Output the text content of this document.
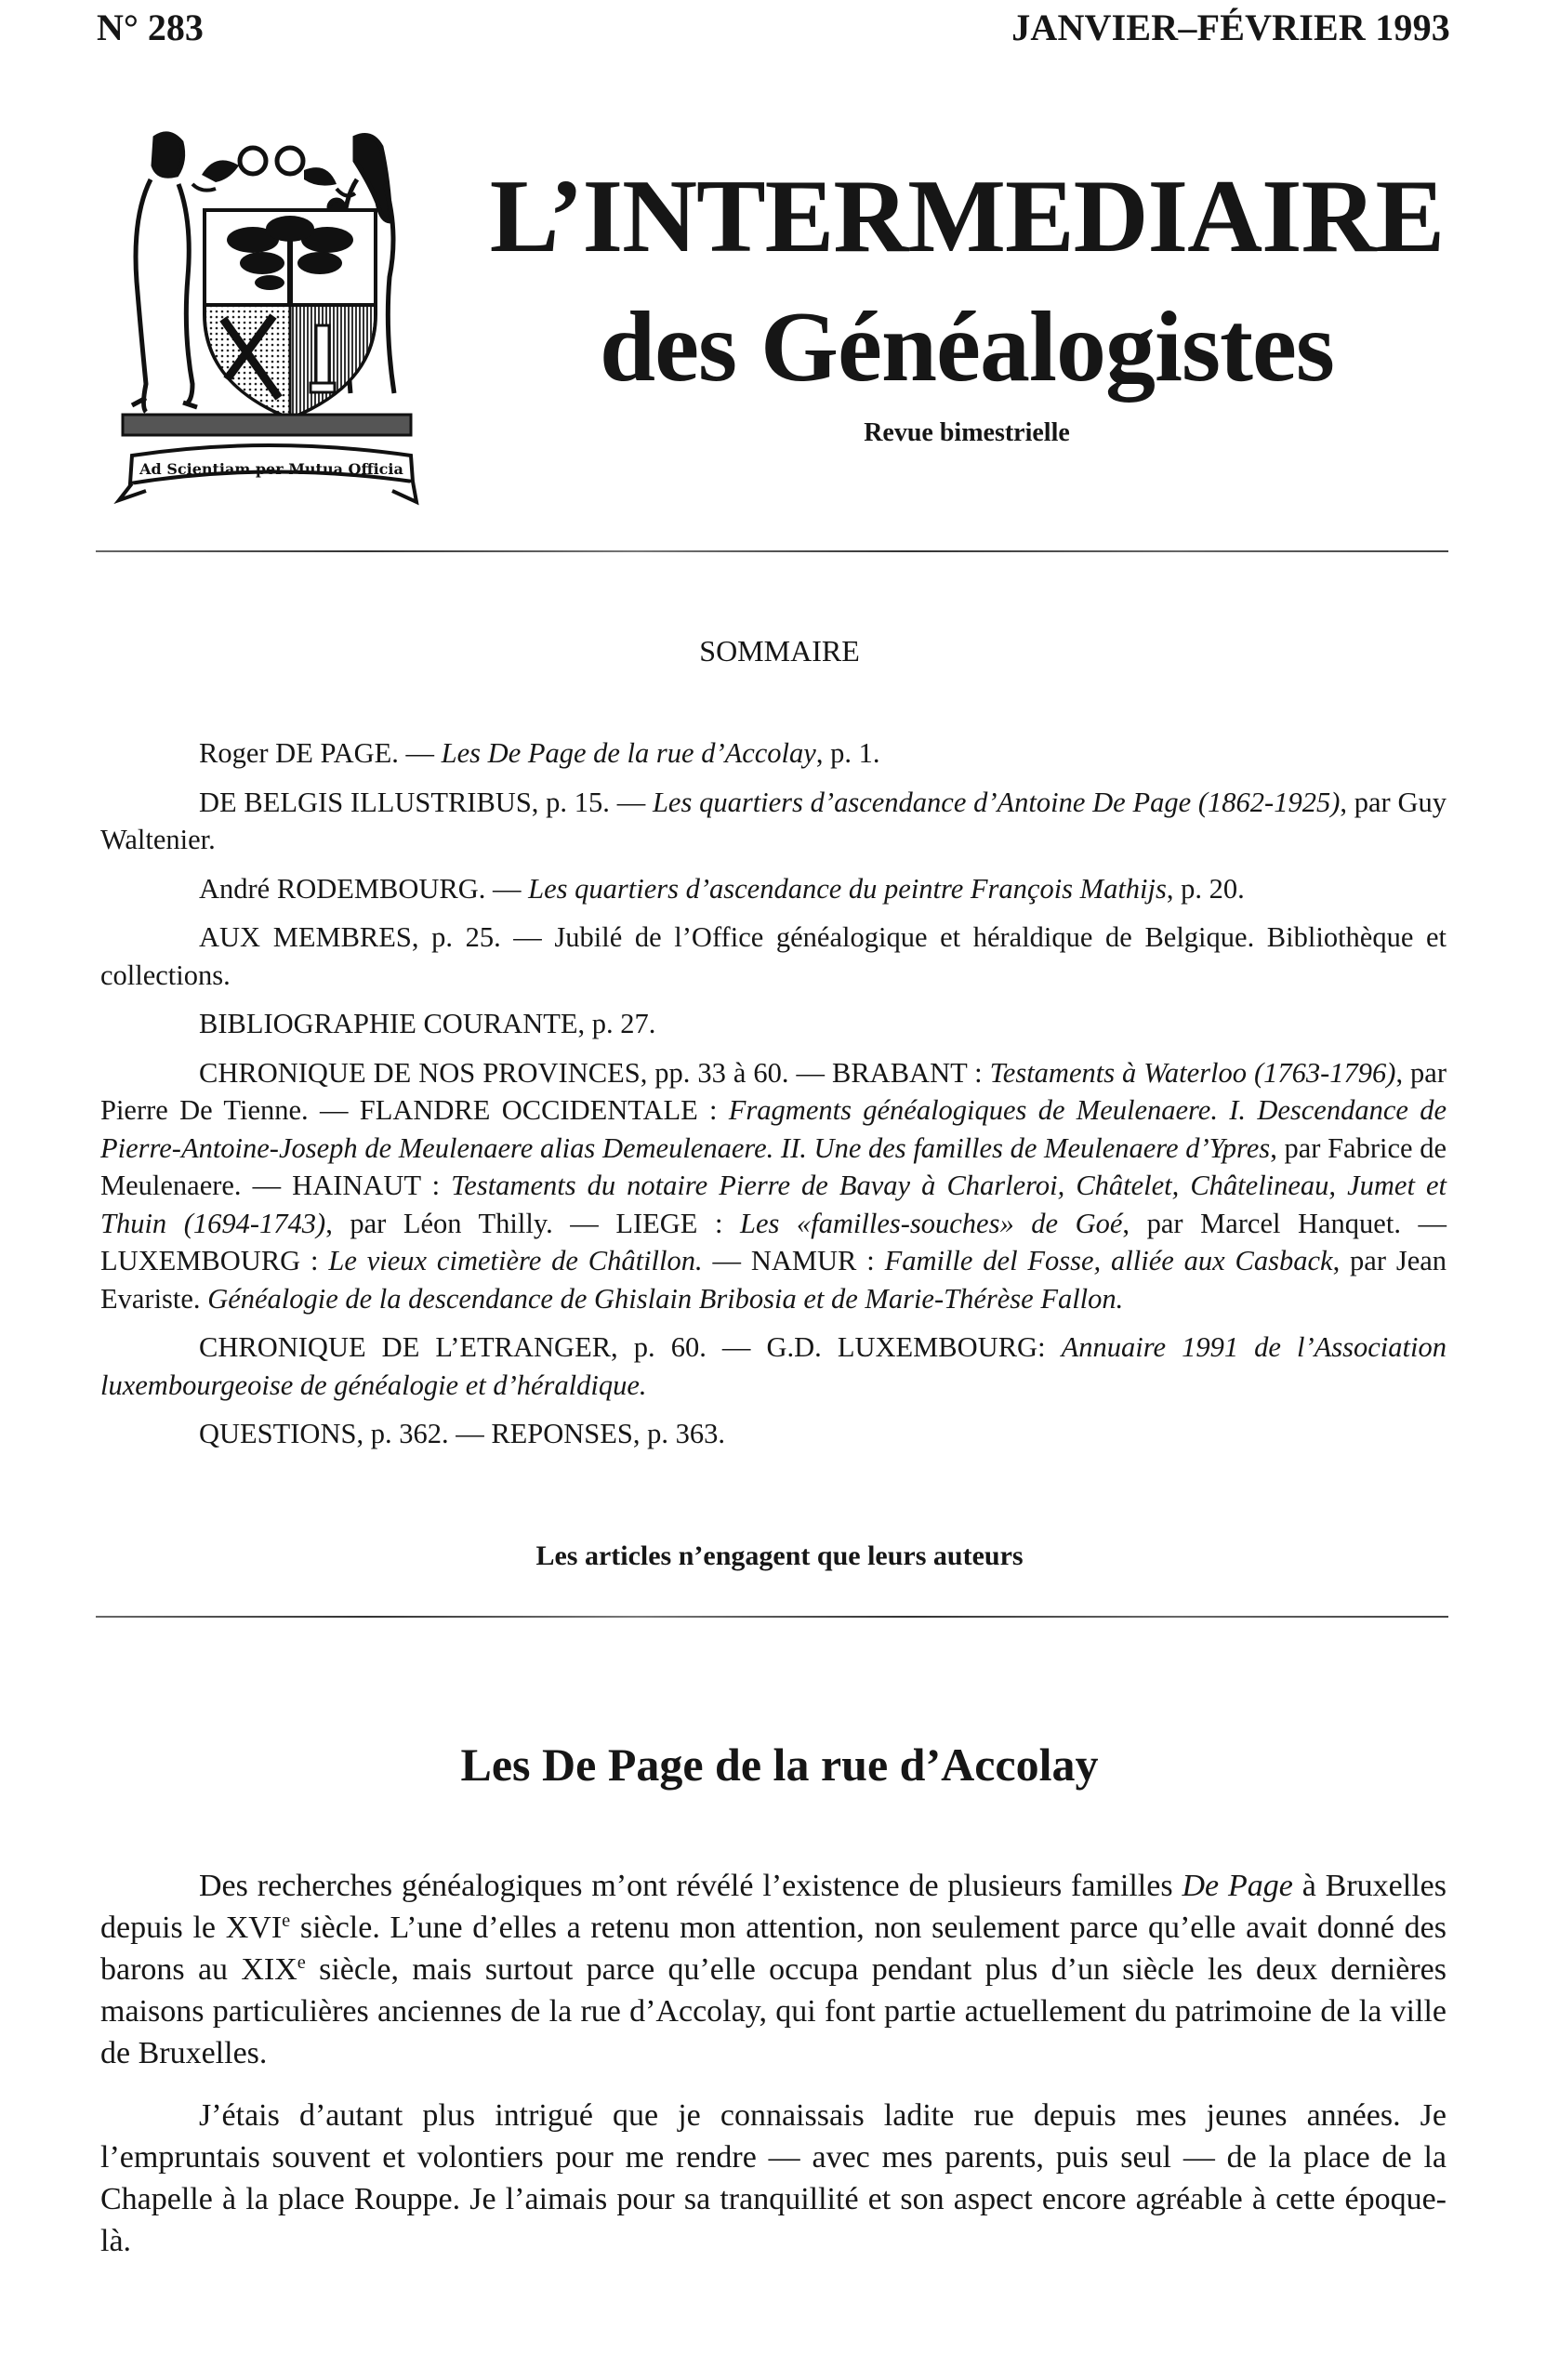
N° 283	JANVIER–FÉVRIER 1993
Ad Scientiam per Mutua Officia
L’INTERMEDIAIRE
des Généalogistes
Revue bimestrielle
SOMMAIRE

Roger DE PAGE. — Les De Page de la rue d’Accolay, p. 1.

DE BELGIS ILLUSTRIBUS, p. 15. — Les quartiers d’ascendance d’Antoine De Page (1862-1925), par Guy Waltenier.

André RODEMBOURG. — Les quartiers d’ascendance du peintre François Mathijs, p. 20.

AUX MEMBRES, p. 25. — Jubilé de l’Office généalogique et héraldique de Belgique. Bibliothèque et collections.

BIBLIOGRAPHIE COURANTE, p. 27.

CHRONIQUE DE NOS PROVINCES, pp. 33 à 60. — BRABANT : Testaments à Waterloo (1763-1796), par Pierre De Tienne. — FLANDRE OCCIDENTALE : Fragments généalogiques de Meulenaere. I. Descendance de Pierre-Antoine-Joseph de Meulenaere alias Demeulenaere. II. Une des familles de Meulenaere d’Ypres, par Fabrice de Meulenaere. — HAINAUT : Testaments du notaire Pierre de Bavay à Charleroi, Châtelet, Châtelineau, Jumet et Thuin (1694-1743), par Léon Thilly. — LIEGE : Les «familles-souches» de Goé, par Marcel Hanquet. — LUXEMBOURG : Le vieux cimetière de Châtillon. — NAMUR : Famille del Fosse, alliée aux Casback, par Jean Evariste. Généalogie de la descendance de Ghislain Bribosia et de Marie-Thérèse Fallon.

CHRONIQUE DE L’ETRANGER, p. 60. — G.D. LUXEMBOURG: Annuaire 1991 de l’Association luxembourgeoise de généalogie et d’héraldique.

QUESTIONS, p. 362. — REPONSES, p. 363.

Les articles n’engagent que leurs auteurs
Les De Page de la rue d’Accolay

Des recherches généalogiques m’ont révélé l’existence de plusieurs familles De Page à Bruxelles depuis le XVIe siècle. L’une d’elles a retenu mon attention, non seulement parce qu’elle avait donné des barons au XIXe siècle, mais surtout parce qu’elle occupa pendant plus d’un siècle les deux dernières maisons particulières anciennes de la rue d’Accolay, qui font partie actuellement du patrimoine de la ville de Bruxelles.

J’étais d’autant plus intrigué que je connaissais ladite rue depuis mes jeunes années. Je l’empruntais souvent et volontiers pour me rendre — avec mes parents, puis seul — de la place de la Chapelle à la place Rouppe. Je l’aimais pour sa tranquillité et son aspect encore agréable à cette époque-là.
